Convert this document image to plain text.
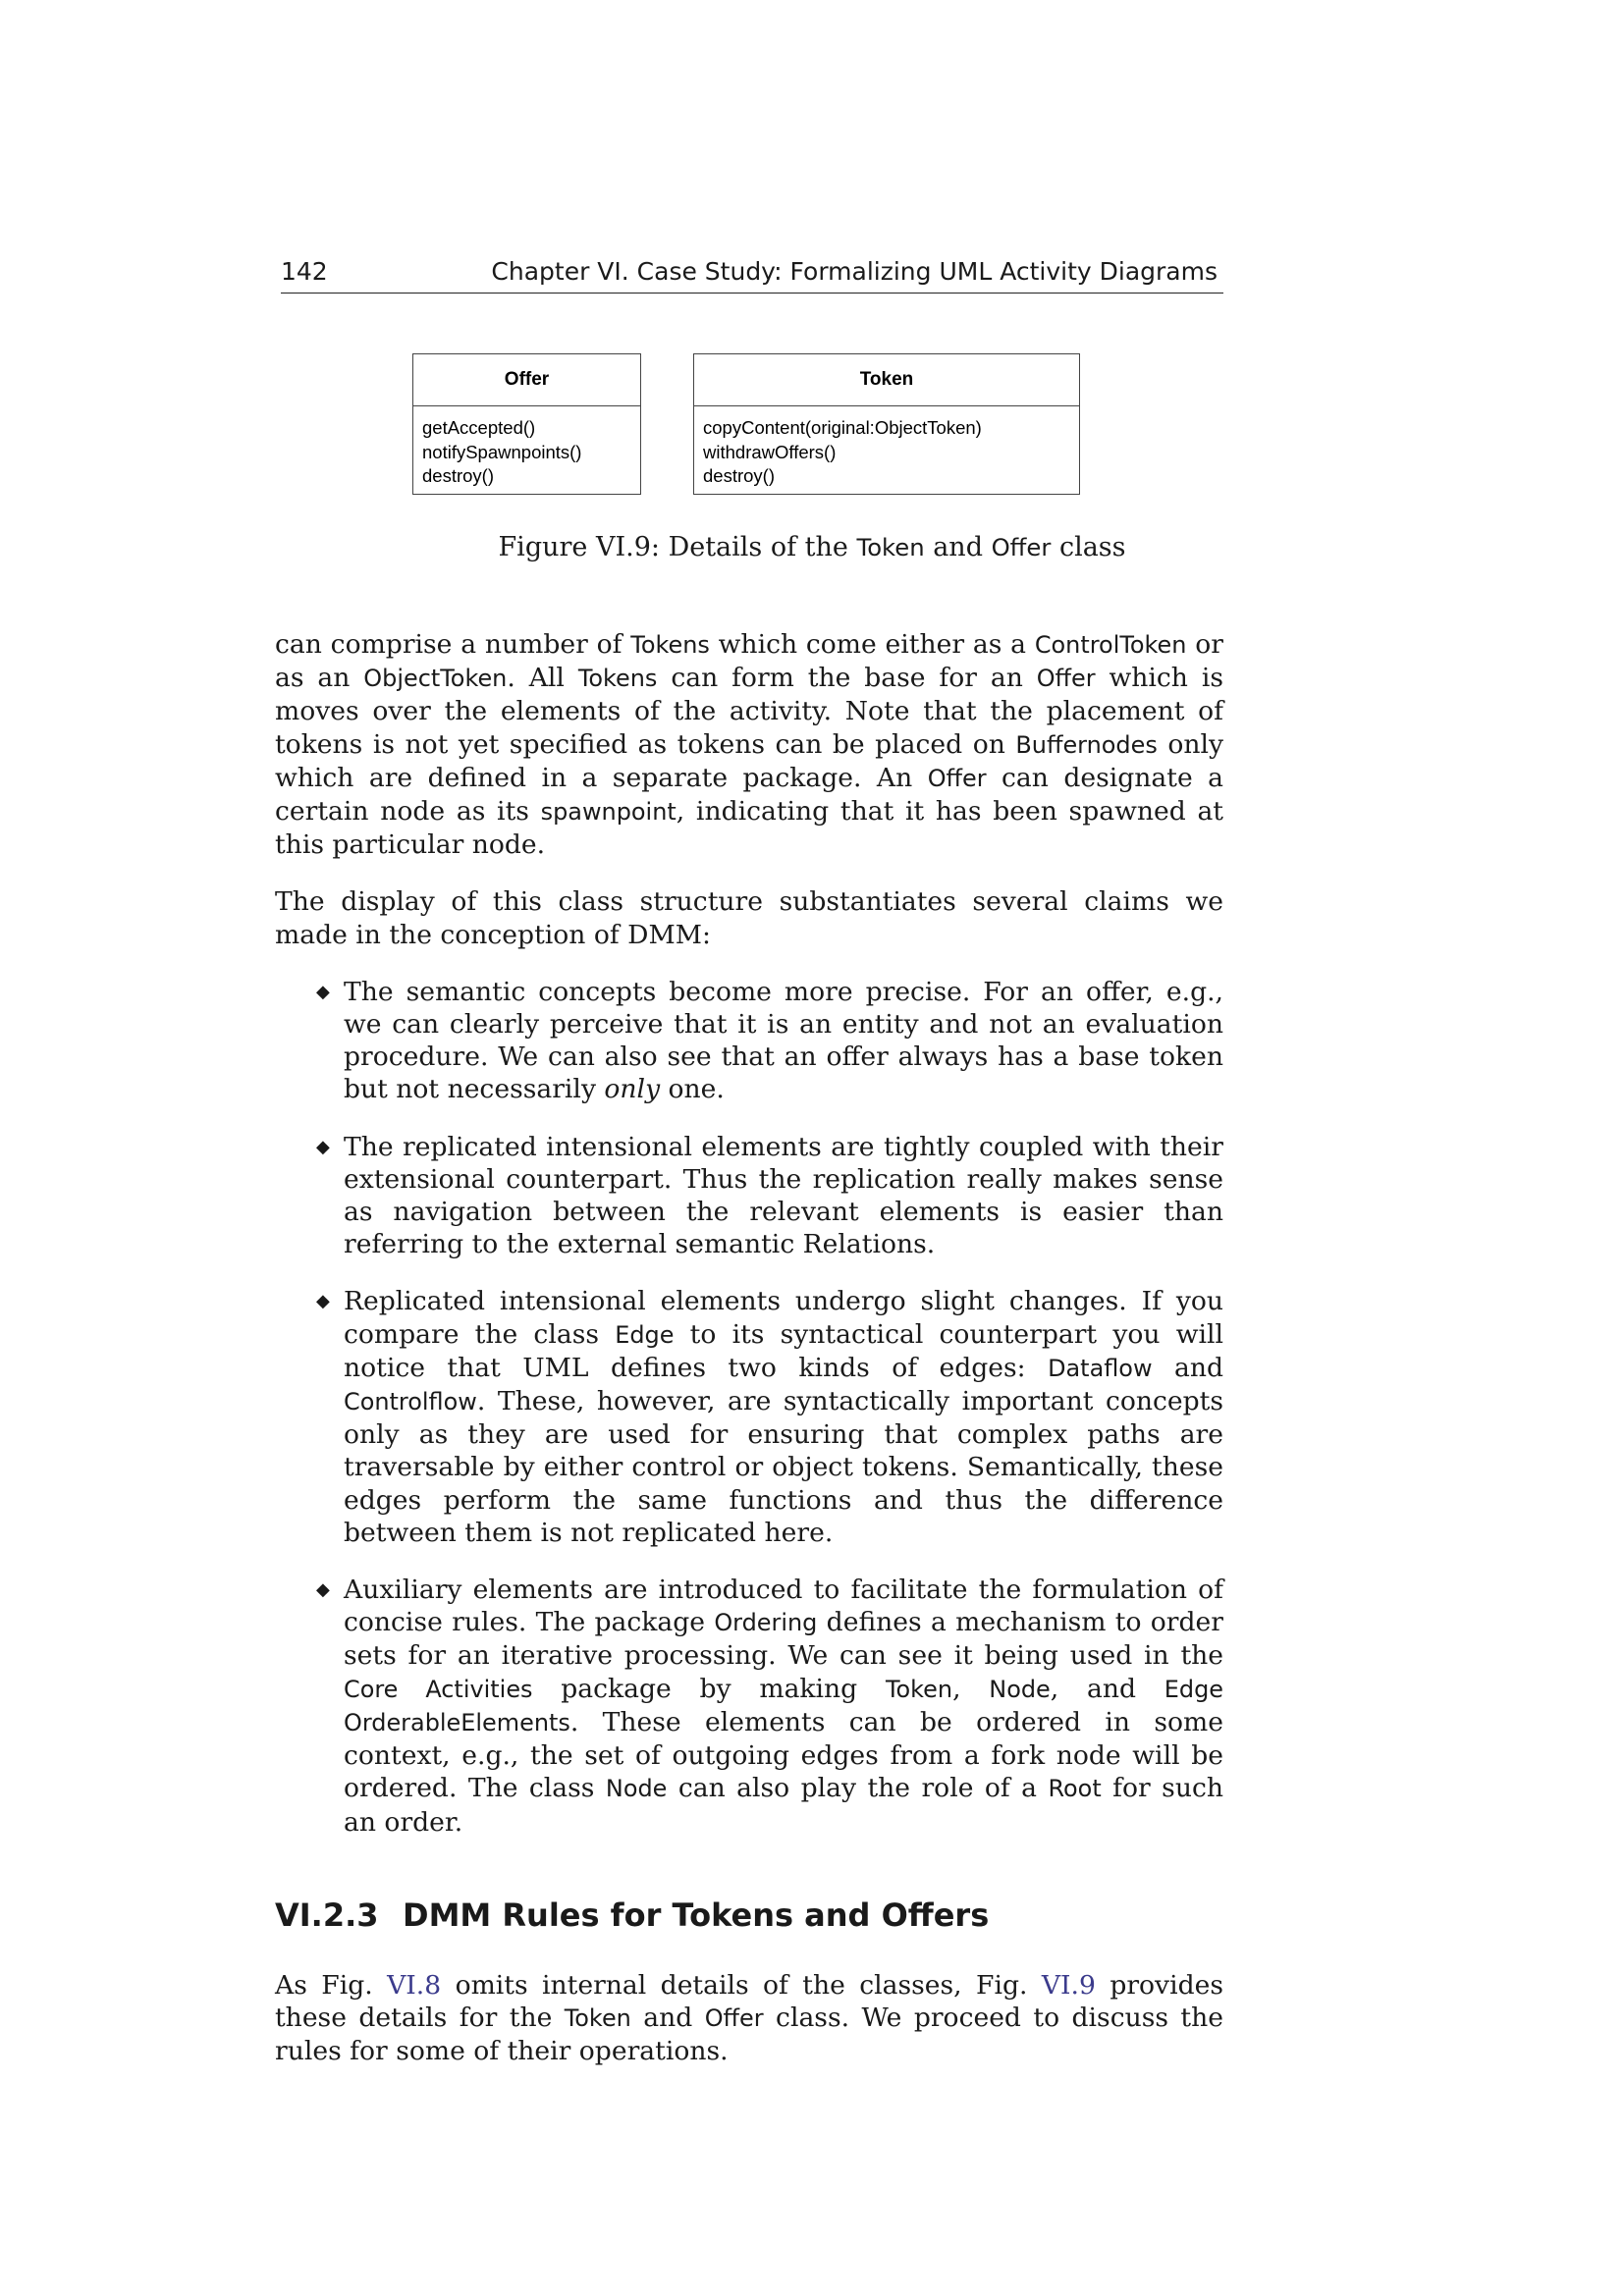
142	Chapter VI. Case Study: Formalizing UML Activity Diagrams
Offer
getAccepted()
notifySpawnpoints()
destroy()
Token
copyContent(original:ObjectToken)
withdrawOffers()
destroy()
Figure VI.9: Details of the Token and Offer class

can comprise a number of Tokens which come either as a ControlToken or as an ObjectToken. All Tokens can form the base for an Offer which is moves over the elements of the activity. Note that the placement of tokens is not yet specified as tokens can be placed on Buffernodes only which are defined in a separate package. An Offer can designate a certain node as its spawnpoint, indicating that it has been spawned at this particular node.

The display of this class structure substantiates several claims we made in the conception of DMM:

◆ The semantic concepts become more precise. For an offer, e.g., we can clearly perceive that it is an entity and not an evaluation procedure. We can also see that an offer always has a base token but not necessarily only one.
◆ The replicated intensional elements are tightly coupled with their extensional counterpart. Thus the replication really makes sense as navigation between the relevant elements is easier than referring to the external semantic Relations.
◆ Replicated intensional elements undergo slight changes. If you compare the class Edge to its syntactical counterpart you will notice that UML defines two kinds of edges: Dataflow and Controlflow. These, however, are syntactically important concepts only as they are used for ensuring that complex paths are traversable by either control or object tokens. Semantically, these edges perform the same functions and thus the difference between them is not replicated here.
◆ Auxiliary elements are introduced to facilitate the formulation of concise rules. The package Ordering defines a mechanism to order sets for an iterative processing. We can see it being used in the Core Activities package by making Token, Node, and Edge OrderableElements. These elements can be ordered in some context, e.g., the set of outgoing edges from a fork node will be ordered. The class Node can also play the role of a Root for such an order.
VI.2.3 DMM Rules for Tokens and Offers

As Fig. VI.8 omits internal details of the classes, Fig. VI.9 provides these details for the Token and Offer class. We proceed to discuss the rules for some of their operations.
